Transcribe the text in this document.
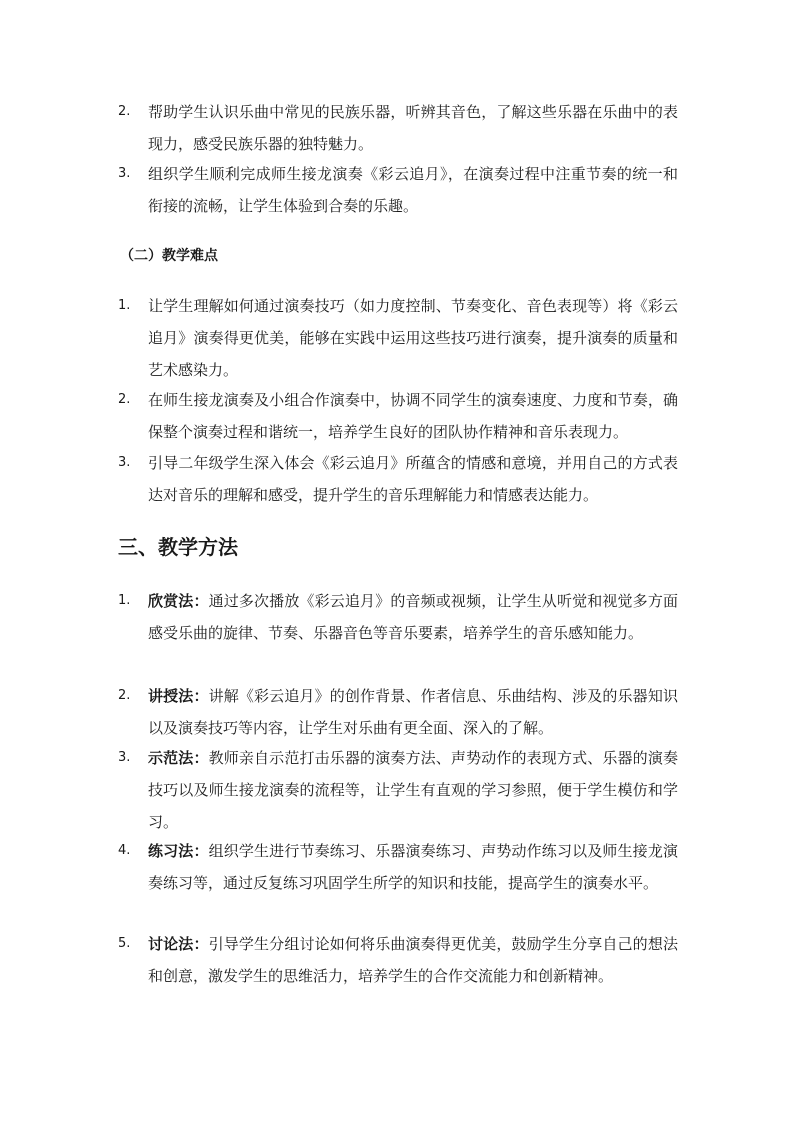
2.	帮助学生认识乐曲中常见的民族乐器，听辨其音色，了解这些乐器在乐曲中的表现力，感受民族乐器的独特魅力。
3.	组织学生顺利完成师生接龙演奏《彩云追月》，在演奏过程中注重节奏的统一和衔接的流畅，让学生体验到合奏的乐趣。
（二）教学难点
1.	让学生理解如何通过演奏技巧（如力度控制、节奏变化、音色表现等）将《彩云追月》演奏得更优美，能够在实践中运用这些技巧进行演奏，提升演奏的质量和艺术感染力。
2.	在师生接龙演奏及小组合作演奏中，协调不同学生的演奏速度、力度和节奏，确保整个演奏过程和谐统一，培养学生良好的团队协作精神和音乐表现力。
3.	引导二年级学生深入体会《彩云追月》所蕴含的情感和意境，并用自己的方式表达对音乐的理解和感受，提升学生的音乐理解能力和情感表达能力。
三、教学方法
1.	欣赏法：通过多次播放《彩云追月》的音频或视频，让学生从听觉和视觉多方面感受乐曲的旋律、节奏、乐器音色等音乐要素，培养学生的音乐感知能力。
2.	讲授法：讲解《彩云追月》的创作背景、作者信息、乐曲结构、涉及的乐器知识以及演奏技巧等内容，让学生对乐曲有更全面、深入的了解。
3.	示范法：教师亲自示范打击乐器的演奏方法、声势动作的表现方式、乐器的演奏技巧以及师生接龙演奏的流程等，让学生有直观的学习参照，便于学生模仿和学习。
4.	练习法：组织学生进行节奏练习、乐器演奏练习、声势动作练习以及师生接龙演奏练习等，通过反复练习巩固学生所学的知识和技能，提高学生的演奏水平。
5.	讨论法：引导学生分组讨论如何将乐曲演奏得更优美，鼓励学生分享自己的想法和创意，激发学生的思维活力，培养学生的合作交流能力和创新精神。
